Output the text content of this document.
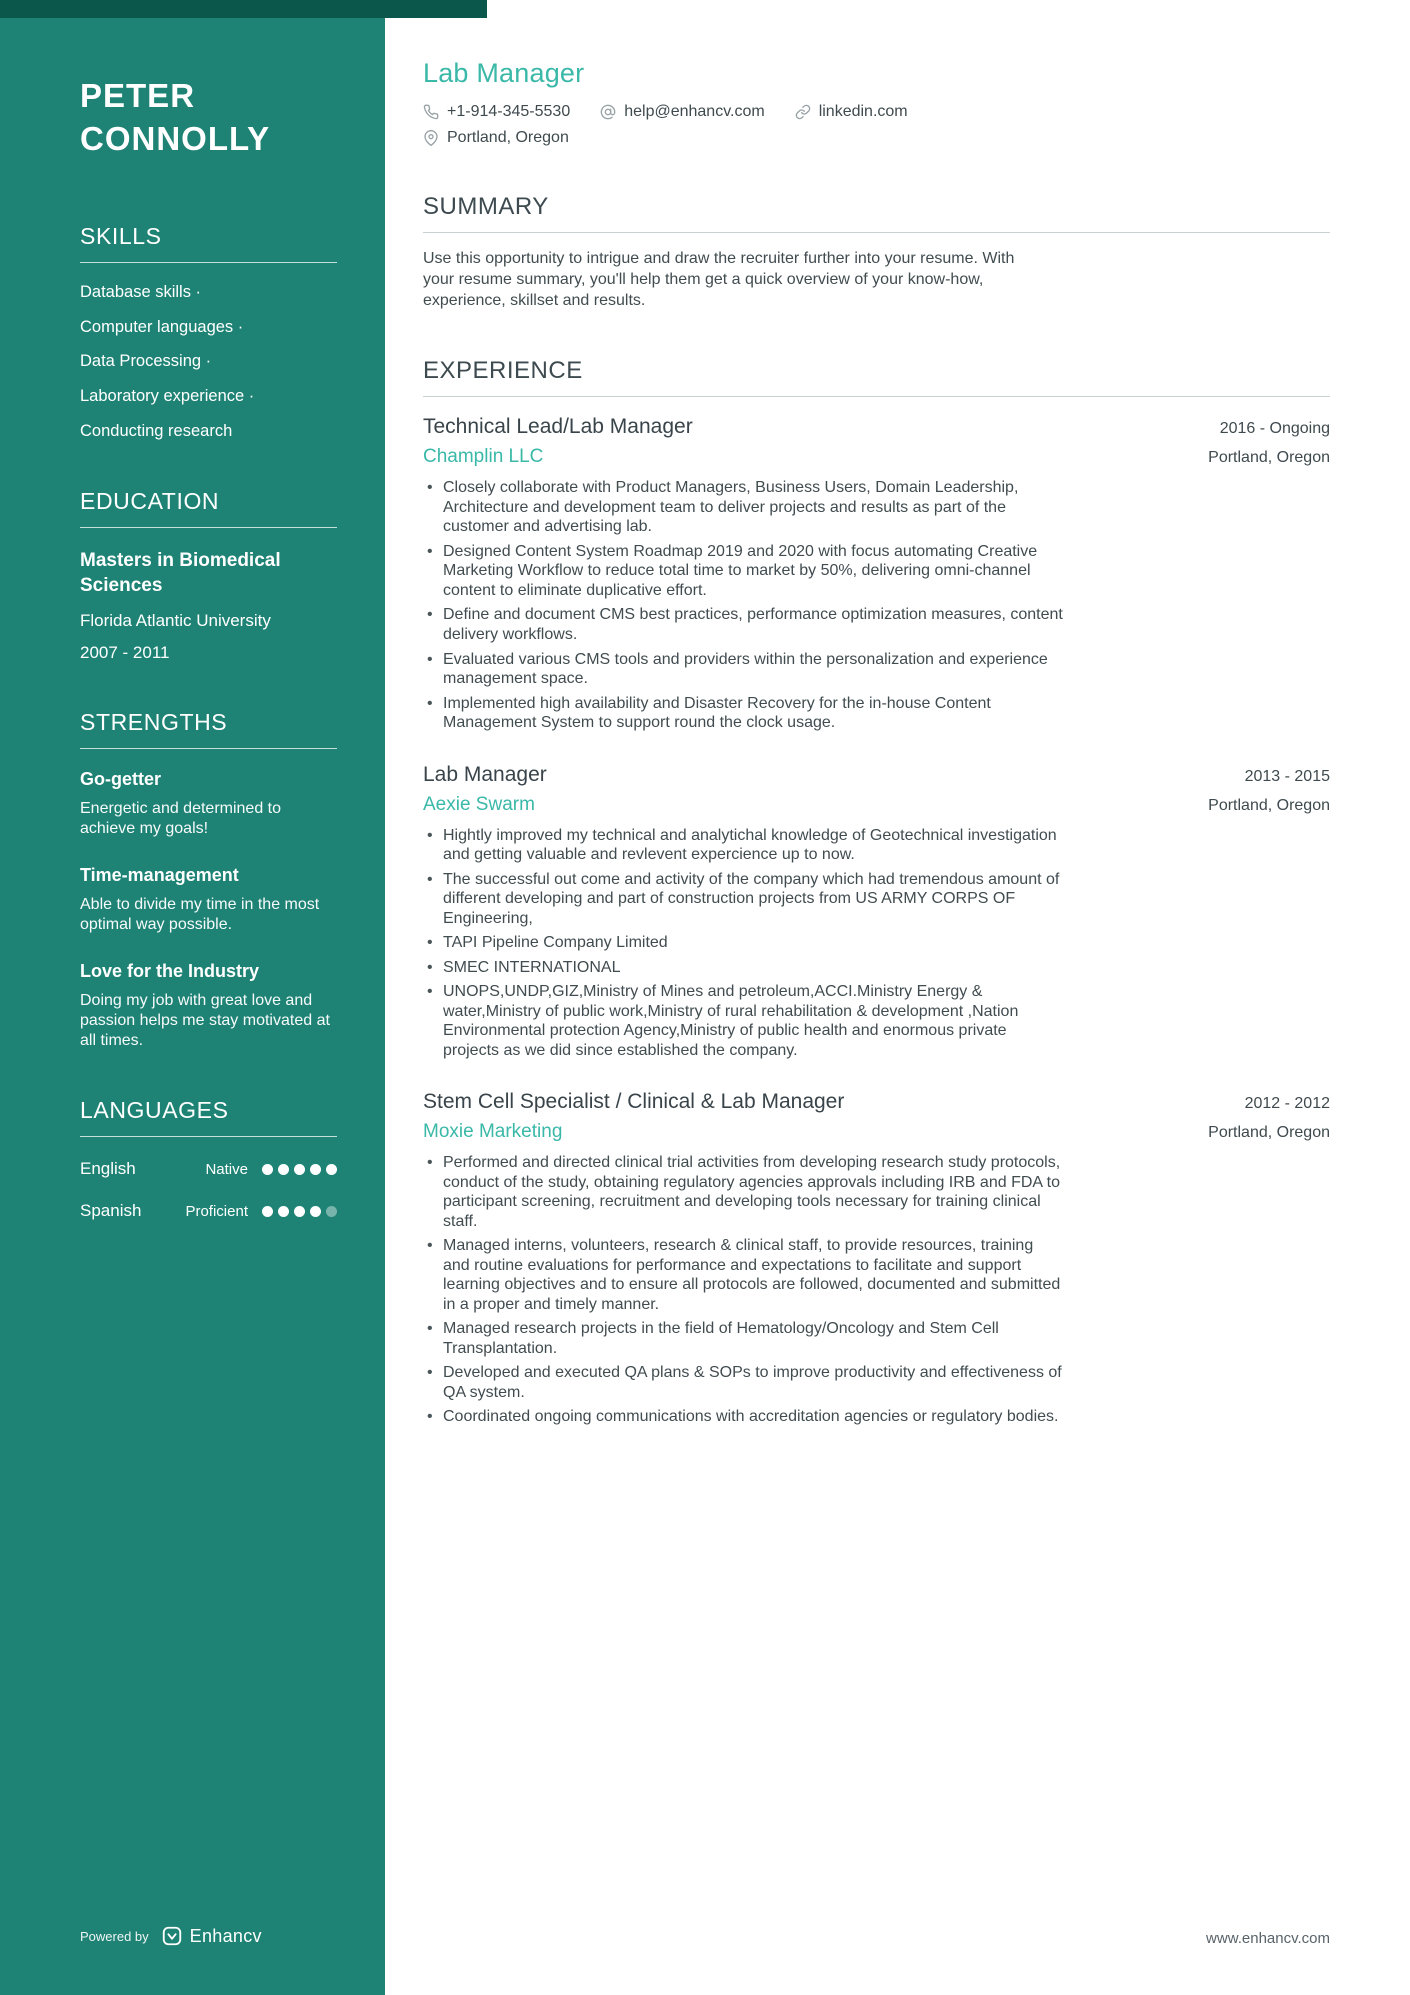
PETER CONNOLLY
SKILLS
Database skills ·
Computer languages ·
Data Processing ·
Laboratory experience ·
Conducting research
EDUCATION
Masters in Biomedical Sciences
Florida Atlantic University
2007 - 2011
STRENGTHS
Go-getter
Energetic and determined to achieve my goals!
Time-management
Able to divide my time in the most optimal way possible.
Love for the Industry
Doing my job with great love and passion helps me stay motivated at all times.
LANGUAGES
English	Native
Spanish	Proficient
Powered by Enhancv
Lab Manager
+1-914-345-5530	help@enhancv.com	linkedin.com
Portland, Oregon
SUMMARY

Use this opportunity to intrigue and draw the recruiter further into your resume. With your resume summary, you'll help them get a quick overview of your know-how, experience, skillset and results.

EXPERIENCE
Technical Lead/Lab Manager	2016 - Ongoing
Champlin LLC	Portland, Oregon
• Closely collaborate with Product Managers, Business Users, Domain Leadership, Architecture and development team to deliver projects and results as part of the customer and advertising lab.
• Designed Content System Roadmap 2019 and 2020 with focus automating Creative Marketing Workflow to reduce total time to market by 50%, delivering omni-channel content to eliminate duplicative effort.
• Define and document CMS best practices, performance optimization measures, content delivery workflows.
• Evaluated various CMS tools and providers within the personalization and experience management space.
• Implemented high availability and Disaster Recovery for the in-house Content Management System to support round the clock usage.
Lab Manager	2013 - 2015
Aexie Swarm	Portland, Oregon
• Hightly improved my technical and analytichal knowledge of Geotechnical investigation and getting valuable and revlevent expercience up to now.
• The successful out come and activity of the company which had tremendous amount of different developing and part of construction projects from US ARMY CORPS OF Engineering,
• TAPI Pipeline Company Limited
• SMEC INTERNATIONAL
• UNOPS,UNDP,GIZ,Ministry of Mines and petroleum,ACCI.Ministry Energy & water,Ministry of public work,Ministry of rural rehabilitation & development ,Nation Environmental protection Agency,Ministry of public health and enormous private projects as we did since established the company.
Stem Cell Specialist / Clinical & Lab Manager	2012 - 2012
Moxie Marketing	Portland, Oregon
• Performed and directed clinical trial activities from developing research study protocols, conduct of the study, obtaining regulatory agencies approvals including IRB and FDA to participant screening, recruitment and developing tools necessary for training clinical staff.
• Managed interns, volunteers, research & clinical staff, to provide resources, training and routine evaluations for performance and expectations to facilitate and support learning objectives and to ensure all protocols are followed, documented and submitted in a proper and timely manner.
• Managed research projects in the field of Hematology/Oncology and Stem Cell Transplantation.
• Developed and executed QA plans & SOPs to improve productivity and effectiveness of QA system.
• Coordinated ongoing communications with accreditation agencies or regulatory bodies.
www.enhancv.com
